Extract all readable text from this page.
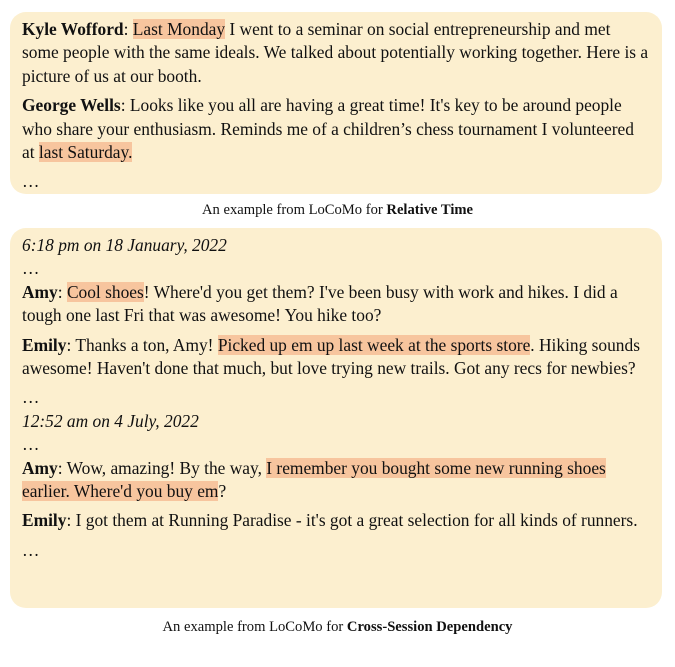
Kyle Wofford: Last Monday I went to a seminar on social entrepreneurship and met some people with the same ideals. We talked about potentially working together. Here is a picture of us at our booth.

George Wells: Looks like you all are having a great time! It's key to be around people who share your enthusiasm. Reminds me of a children’s chess tournament I volunteered at last Saturday.

…

An example from LoCoMo for Relative Time

6:18 pm on 18 January, 2022

…

Amy: Cool shoes! Where'd you get them? I've been busy with work and hikes. I did a tough one last Fri that was awesome! You hike too?

Emily: Thanks a ton, Amy! Picked up em up last week at the sports store. Hiking sounds awesome! Haven't done that much, but love trying new trails. Got any recs for newbies?

…

12:52 am on 4 July, 2022

…

Amy: Wow, amazing! By the way, I remember you bought some new running shoes earlier. Where'd you buy em?

Emily: I got them at Running Paradise - it's got a great selection for all kinds of runners.

…

An example from LoCoMo for Cross-Session Dependency
